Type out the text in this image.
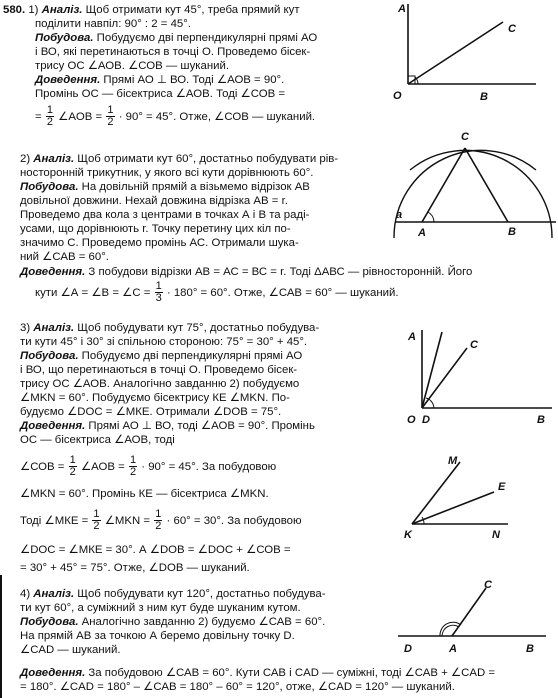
580. 1) Аналіз. Щоб отримати кут 45°, треба прямий кут
поділити навпіл: 90° : 2 = 45°.
Побудова. Побудуємо дві перпендикулярні прямі АО
і ВО, які перетинаються в точці О. Проведемо бісек-
трису ОС ∠АОВ. ∠СОВ — шуканий.
Доведення. Прямі АО ⊥ ВО. Тоді ∠АОВ = 90°.
Промінь ОС — бісектриса ∠АОВ. Тоді ∠СОВ =
= $\frac{1}{2}$ ∠AOB = $\frac{1}{2} \cdot 90^\circ = 45^\circ$. Отже, ∠СОВ — шуканий.
A
C
O	B
2) Аналіз. Щоб отримати кут 60°, достатньо побудувати рів-
носторонній трикутник, у якого всі кути дорівнюють 60°.
Побудова. На довільній прямій а візьмемо відрізок АВ
довільної довжини. Нехай довжина відрізка АВ = r.
Проведемо два кола з центрами в точках А і В та раді-
усами, що дорівнюють r. Точку перетину цих кіл по-
значимо С. Проведемо промінь АС. Отримали шука-
ний ∠САВ = 60°.
Доведення. З побудови відрізки АВ = АС = ВС = r. Тоді ΔАВС — рівносторонній. Його
кути ∠А = ∠В = ∠С = $\frac{1}{3} \cdot 180^\circ = 60^\circ$. Отже, ∠САВ = 60° — шуканий.
C
a
A	B
3) Аналіз. Щоб побудувати кут 75°, достатньо побудува-
ти кути 45° і 30° зі спільною стороною: 75° = 30° + 45°.
Побудова. Побудуємо дві перпендикулярні прямі АО
і ВО, що перетинаються в точці О. Проведемо бісек-
трису ОС ∠АОВ. Аналогічно завданню 2) побудуємо
∠MKN = 60°. Побудуємо бісектрису КЕ ∠MKN. По-
будуємо ∠DOC = ∠МКЕ. Отримали ∠DOB = 75°.
Доведення. Прямі АО ⊥ ВО, тоді ∠АОВ = 90°. Промінь
ОС — бісектриса ∠АОВ, тоді
∠СОВ = $\frac{1}{2}$ ∠АОВ = $\frac{1}{2} \cdot 90^\circ = 45^\circ$. За побудовою
∠MKN = 60°. Промінь КЕ — бісектриса ∠MKN.
Тоді ∠МКЕ = $\frac{1}{2}$ ∠MKN = $\frac{1}{2} \cdot 60^\circ = 30^\circ$. За побудовою
∠DOC = ∠МКЕ = 30°. А ∠DOB = ∠DOC + ∠СОВ =
= 30° + 45° = 75°. Отже, ∠DOB — шуканий.
A
C
O D	B
M
E
K	N
4) Аналіз. Щоб побудувати кут 120°, достатньо побудува-
ти кут 60°, а суміжний з ним кут буде шуканим кутом.
Побудова. Аналогічно завданню 2) будуємо ∠САВ = 60°.
На прямій АВ за точкою А беремо довільну точку D.
∠CAD — шуканий.
Доведення. За побудовою ∠САВ = 60°. Кути САВ і CAD — суміжні, тоді ∠САВ + ∠CAD =
= 180°. ∠CAD = 180° – ∠САВ = 180° – 60° = 120°, отже, ∠CAD = 120° — шуканий.
C
D	A	B
